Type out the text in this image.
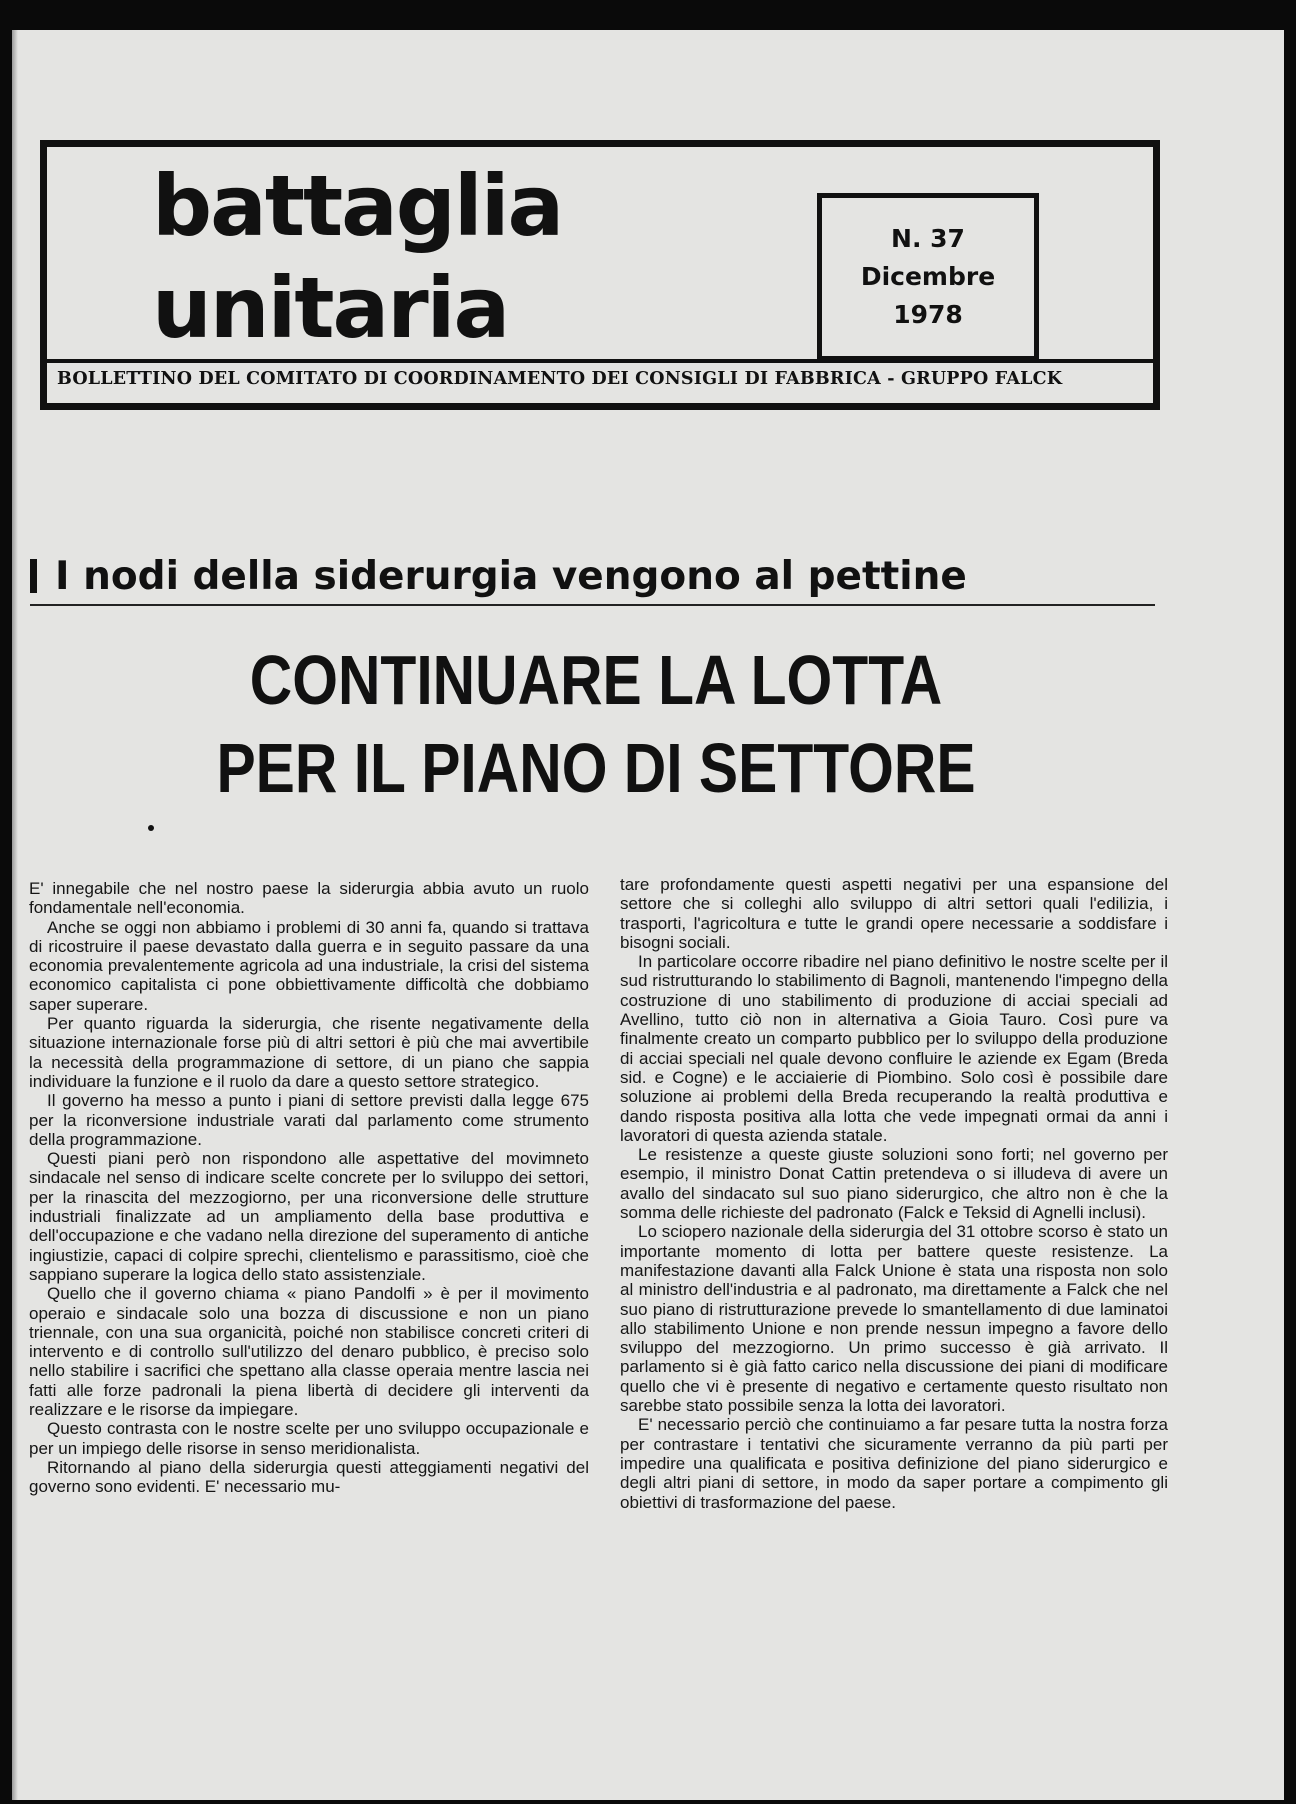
battaglia
unitaria
N. 37
Dicembre
1978
BOLLETTINO DEL COMITATO DI COORDINAMENTO DEI CONSIGLI DI FABBRICA - GRUPPO FALCK
I nodi della siderurgia vengono al pettine
CONTINUARE LA LOTTA
PER IL PIANO DI SETTORE

E' innegabile che nel nostro paese la siderurgia abbia avuto un ruolo fondamentale nell'economia.

Anche se oggi non abbiamo i problemi di 30 anni fa, quando si trattava di ricostruire il paese devastato dalla guerra e in seguito passare da una economia prevalentemente agricola ad una industriale, la crisi del sistema economico capitalista ci pone obbiettivamente difficoltà che dobbiamo saper superare.

Per quanto riguarda la siderurgia, che risente negativamente della situazione internazionale forse più di altri settori è più che mai avvertibile la necessità della programmazione di settore, di un piano che sappia individuare la funzione e il ruolo da dare a questo settore strategico.

Il governo ha messo a punto i piani di settore previsti dalla legge 675 per la riconversione industriale varati dal parlamento come strumento della programmazione.

Questi piani però non rispondono alle aspettative del movimneto sindacale nel senso di indicare scelte concrete per lo sviluppo dei settori, per la rinascita del mezzogiorno, per una riconversione delle strutture industriali finalizzate ad un ampliamento della base produttiva e dell'occupazione e che vadano nella direzione del superamento di antiche ingiustizie, capaci di colpire sprechi, clientelismo e parassitismo, cioè che sappiano superare la logica dello stato assistenziale.

Quello che il governo chiama « piano Pandolfi » è per il movimento operaio e sindacale solo una bozza di discussione e non un piano triennale, con una sua organicità, poiché non stabilisce concreti criteri di intervento e di controllo sull'utilizzo del denaro pubblico, è preciso solo nello stabilire i sacrifici che spettano alla classe operaia mentre lascia nei fatti alle forze padronali la piena libertà di decidere gli interventi da realizzare e le risorse da impiegare.

Questo contrasta con le nostre scelte per uno sviluppo occupazionale e per un impiego delle risorse in senso meridionalista.

Ritornando al piano della siderurgia questi atteggiamenti negativi del governo sono evidenti. E' necessario mu-

tare profondamente questi aspetti negativi per una espansione del settore che si colleghi allo sviluppo di altri settori quali l'edilizia, i trasporti, l'agricoltura e tutte le grandi opere necessarie a soddisfare i bisogni sociali.

In particolare occorre ribadire nel piano definitivo le nostre scelte per il sud ristrutturando lo stabilimento di Bagnoli, mantenendo l'impegno della costruzione di uno stabilimento di produzione di acciai speciali ad Avellino, tutto ciò non in alternativa a Gioia Tauro. Così pure va finalmente creato un comparto pubblico per lo sviluppo della produzione di acciai speciali nel quale devono confluire le aziende ex Egam (Breda sid. e Cogne) e le acciaierie di Piombino. Solo così è possibile dare soluzione ai problemi della Breda recuperando la realtà produttiva e dando risposta positiva alla lotta che vede impegnati ormai da anni i lavoratori di questa azienda statale.

Le resistenze a queste giuste soluzioni sono forti; nel governo per esempio, il ministro Donat Cattin pretendeva o si illudeva di avere un avallo del sindacato sul suo piano siderurgico, che altro non è che la somma delle richieste del padronato (Falck e Teksid di Agnelli inclusi).

Lo sciopero nazionale della siderurgia del 31 ottobre scorso è stato un importante momento di lotta per battere queste resistenze. La manifestazione davanti alla Falck Unione è stata una risposta non solo al ministro dell'industria e al padronato, ma direttamente a Falck che nel suo piano di ristrutturazione prevede lo smantellamento di due laminatoi allo stabilimento Unione e non prende nessun impegno a favore dello sviluppo del mezzogiorno. Un primo successo è già arrivato. Il parlamento si è già fatto carico nella discussione dei piani di modificare quello che vi è presente di negativo e certamente questo risultato non sarebbe stato possibile senza la lotta dei lavoratori.

E' necessario perciò che continuiamo a far pesare tutta la nostra forza per contrastare i tentativi che sicuramente verranno da più parti per impedire una qualificata e positiva definizione del piano siderurgico e degli altri piani di settore, in modo da saper portare a compimento gli obiettivi di trasformazione del paese.
